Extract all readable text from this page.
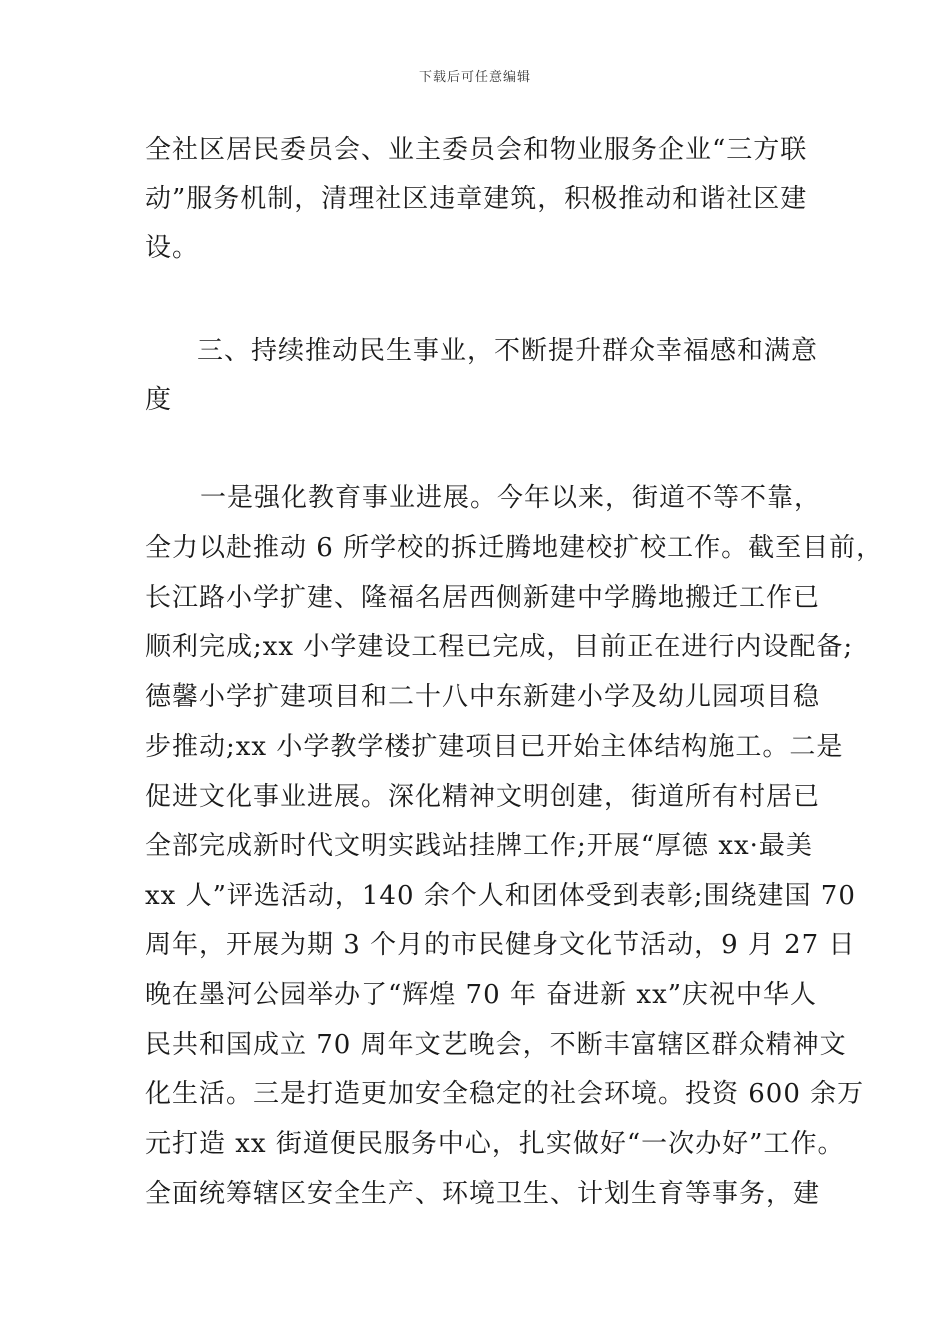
下载后可任意编辑
全社区居民委员会、业主委员会和物业服务企业“三方联
动”服务机制，清理社区违章建筑，积极推动和谐社区建
设。
三、持续推动民生事业，不断提升群众幸福感和满意
度
一是强化教育事业进展。今年以来，街道不等不靠，
全力以赴推动 6 所学校的拆迁腾地建校扩校工作。截至目前，
长江路小学扩建、隆福名居西侧新建中学腾地搬迁工作已
顺利完成;xx 小学建设工程已完成，目前正在进行内设配备;
德馨小学扩建项目和二十八中东新建小学及幼儿园项目稳
步推动;xx 小学教学楼扩建项目已开始主体结构施工。二是
促进文化事业进展。深化精神文明创建，街道所有村居已
全部完成新时代文明实践站挂牌工作;开展“厚德 xx·最美
xx 人”评选活动，140 余个人和团体受到表彰;围绕建国 70
周年，开展为期 3 个月的市民健身文化节活动，9 月 27 日
晚在墨河公园举办了“辉煌 70 年 奋进新 xx”庆祝中华人
民共和国成立 70 周年文艺晚会，不断丰富辖区群众精神文
化生活。三是打造更加安全稳定的社会环境。投资 600 余万
元打造 xx 街道便民服务中心，扎实做好“一次办好”工作。
全面统筹辖区安全生产、环境卫生、计划生育等事务，建
